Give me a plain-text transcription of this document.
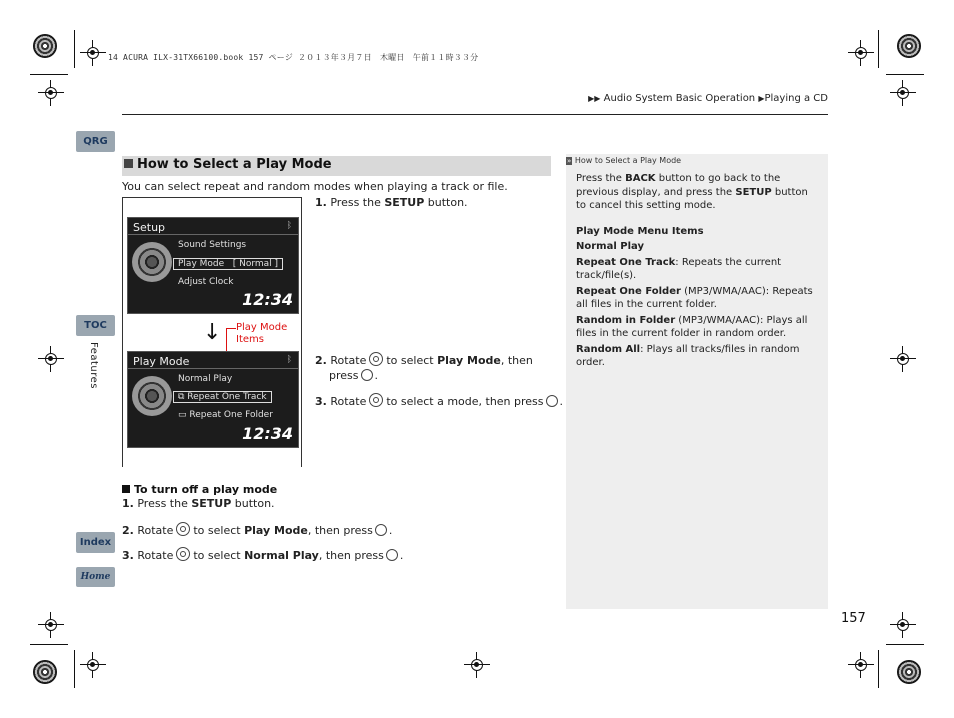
14 ACURA ILX-31TX66100.book 157 ページ ２０１３年３月７日　木曜日　午前１１時３３分
▶▶ Audio System Basic Operation ▶Playing a CD
QRG
TOC
Features
Index
Home
How to Select a Play Mode
You can select repeat and random modes when playing a track or file.
Setup	ᛒ
Sound Settings
Play Mode [ Normal ]
Adjust Clock
12:34
↓ Play Mode Items
Play Mode	ᛒ
Normal Play
⧉ Repeat One Track
▭ Repeat One Folder
12:34
1. Press the SETUP button.
2. Rotate to select Play Mode, then
press .
3. Rotate to select a mode, then press .
To turn off a play mode
1. Press the SETUP button.
2. Rotate to select Play Mode, then press .
3. Rotate to select Normal Play, then press .
» How to Select a Play Mode

Press the BACK button to go back to the previous display, and press the SETUP button to cancel this setting mode.

Play Mode Menu Items

Normal Play

Repeat One Track: Repeats the current track/file(s).

Repeat One Folder (MP3/WMA/AAC): Repeats all files in the current folder.

Random in Folder (MP3/WMA/AAC): Plays all files in the current folder in random order.

Random All: Plays all tracks/files in random order.

157
